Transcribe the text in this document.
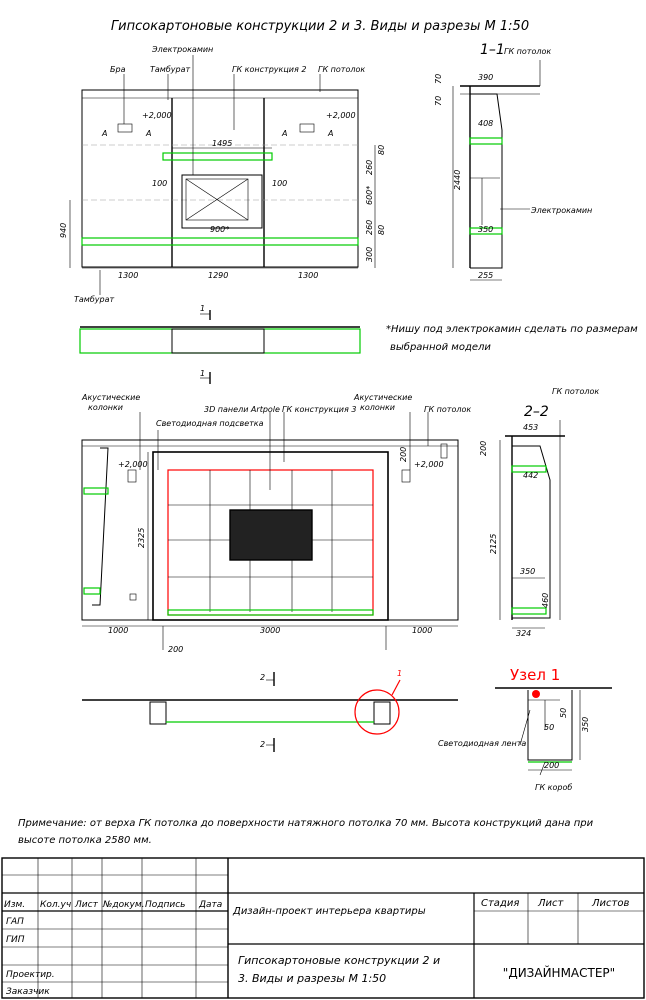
Гипсокартоновые конструкции 2 и 3. Виды и разрезы М 1:50
Бра	Тамбурат
Электрокамин
ГК конструкция 2 ГК потолок
Тамбурат
+2,000	+2,000
А	А	А	А
1495
100	100
900*
940
1300	1290	1300
80
260
600*
260 80
300
1
1
*Нишу под электрокамин сделать по размерам
выбранной модели
1–1 ГК потолок
Электрокамин
70
70
390
408
2440
350
255
Акустические
колонки	3D панели Artpole ГК конструкция 3
Акустические
колонки	ГК потолок
Светодиодная подсветка
+2,000	+2,000
2325
200
1000	3000	1000
200
2–2
ГК потолок
453
200
442
2125
350
460
324
1
2
2
Узел 1
Светодиодная лента
ГК короб
50
50	350
200
Примечание: от верха ГК потолка до поверхности натяжного потолка 70 мм. Высота конструкций дана при
высоте потолка 2580 мм.
Изм. Кол.уч Лист №докум. Подпись Дата
ГАП
ГИП
Проектир.
Заказчик
Дизайн-проект интерьера квартиры
Стадия Лист	Листов
Гипсокартоновые конструкции 2 и
3. Виды и разрезы М 1:50	"ДИЗАЙНМАСТЕР"
